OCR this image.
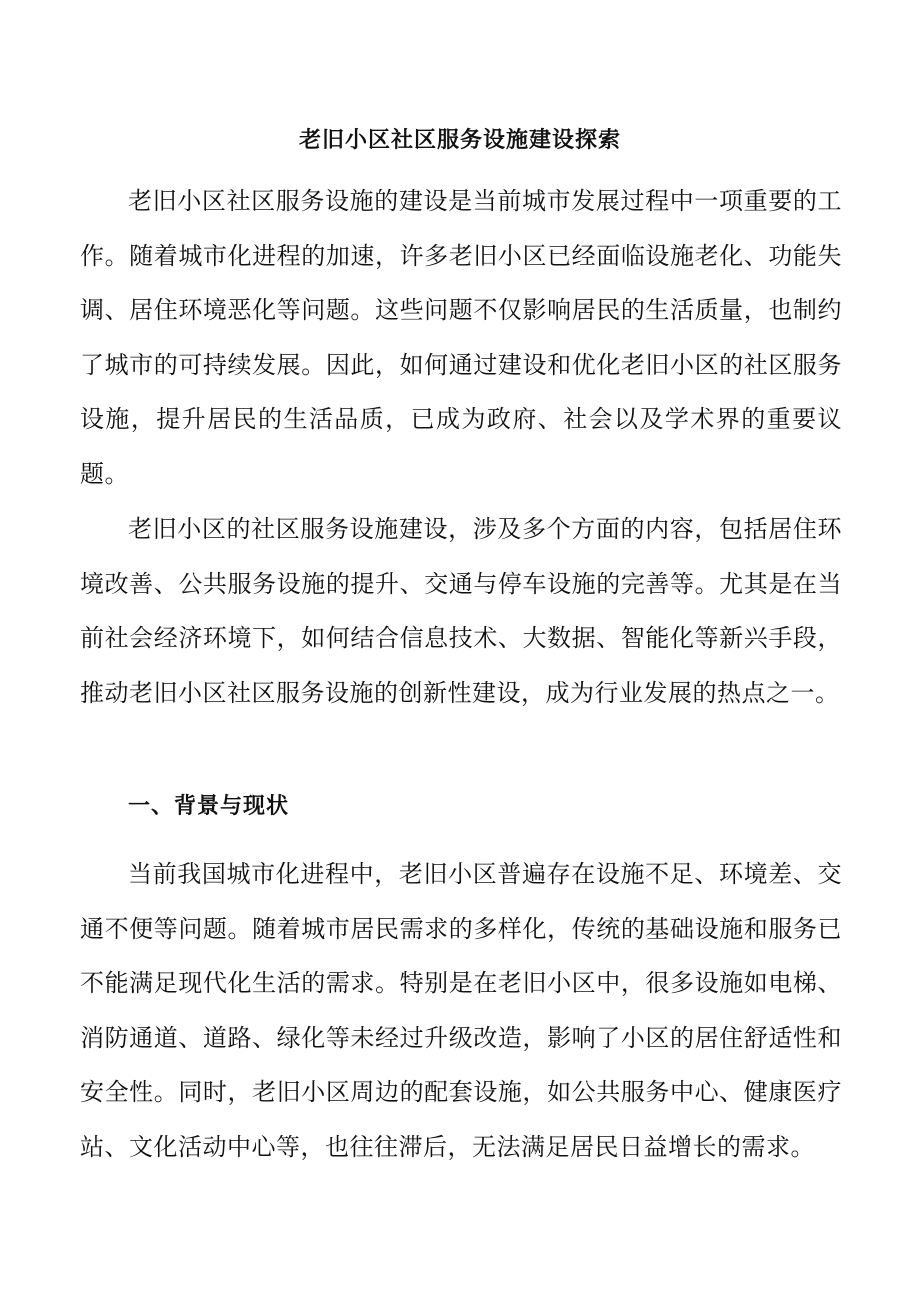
老旧小区社区服务设施建设探索

老旧小区社区服务设施的建设是当前城市发展过程中一项重要的工作。随着城市化进程的加速，许多老旧小区已经面临设施老化、功能失调、居住环境恶化等问题。这些问题不仅影响居民的生活质量，也制约了城市的可持续发展。因此，如何通过建设和优化老旧小区的社区服务设施，提升居民的生活品质，已成为政府、社会以及学术界的重要议题。

老旧小区的社区服务设施建设，涉及多个方面的内容，包括居住环境改善、公共服务设施的提升、交通与停车设施的完善等。尤其是在当前社会经济环境下，如何结合信息技术、大数据、智能化等新兴手段，推动老旧小区社区服务设施的创新性建设，成为行业发展的热点之一。

一、背景与现状

当前我国城市化进程中，老旧小区普遍存在设施不足、环境差、交通不便等问题。随着城市居民需求的多样化，传统的基础设施和服务已不能满足现代化生活的需求。特别是在老旧小区中，很多设施如电梯、消防通道、道路、绿化等未经过升级改造，影响了小区的居住舒适性和安全性。同时，老旧小区周边的配套设施，如公共服务中心、健康医疗站、文化活动中心等，也往往滞后，无法满足居民日益增长的需求。
